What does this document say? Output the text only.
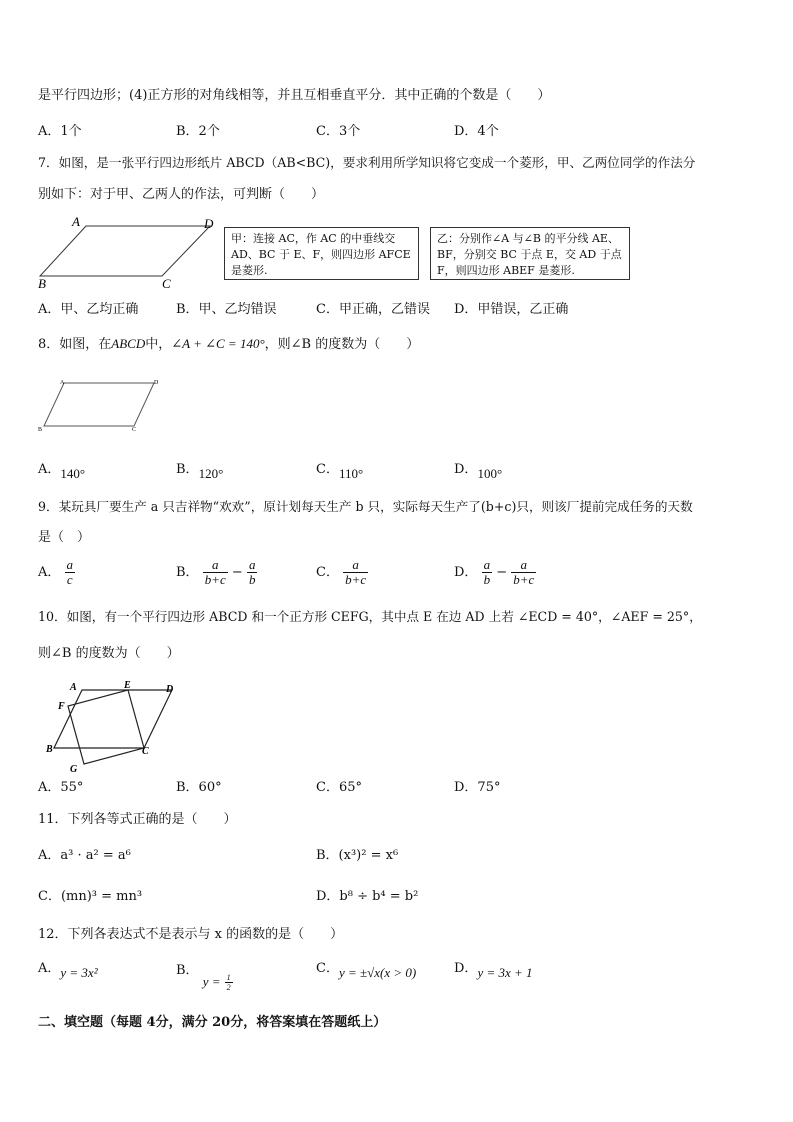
是平行四边形；(4)正方形的对角线相等，并且互相垂直平分．其中正确的个数是（　　）
A．1个	B．2个	C．3个	D．4个
7．如图，是一张平行四边形纸片 ABCD（AB<BC)，要求利用所学知识将它变成一个菱形，甲、乙两位同学的作法分
别如下：对于甲、乙两人的作法，可判断（　　）
A	D
B	C
甲：连接 AC，作 AC 的中垂线交 AD、BC 于 E、F，则四边形 AFCE 是菱形.
乙：分别作∠A 与∠B 的平分线 AE、BF，分别交 BC 于点 E，交 AD 于点 F，则四边形 ABEF 是菱形.
A．甲、乙均正确	B．甲、乙均错误	C．甲正确，乙错误 D．甲错误，乙正确
8．如图，在ABCD中，∠A + ∠C = 140°，则∠B 的度数为（　　）
A	D
B	C
A．140°	B．120°	C．110°	D．100°
9．某玩具厂要生产 a 只吉祥物“欢欢”，原计划每天生产 b 只，实际每天生产了(b+c)只，则该厂提前完成任务的天数
是（　）
A． $\frac{a}{c}$	B． $\frac{a}{b+c} - \frac{a}{b}$	C． $\frac{a}{b+c}$	D． $\frac{a}{b} - \frac{a}{b+c}$
10．如图，有一个平行四边形 ABCD 和一个正方形 CEFG，其中点 E 在边 AD 上若 ∠ECD = 40°，∠AEF = 25°，
则∠B 的度数为（　　）
A	E	D
F
B	C
G
A．55°	B．60°	C．65°	D．75°
11．下列各等式正确的是（　　）
A．a³ · a² = a⁶	B．(x³)² = x⁶
C．(mn)³ = mn³	D．b⁸ ÷ b⁴ = b²
12．下列各表达式不是表示与 x 的函数的是（　　）
A．y = 3x²	B． $y = \frac{1}{2}$
C．y = ±√x(x > 0)	D．y = 3x + 1
二、填空题（每题 4分，满分 20分，将答案填在答题纸上）
